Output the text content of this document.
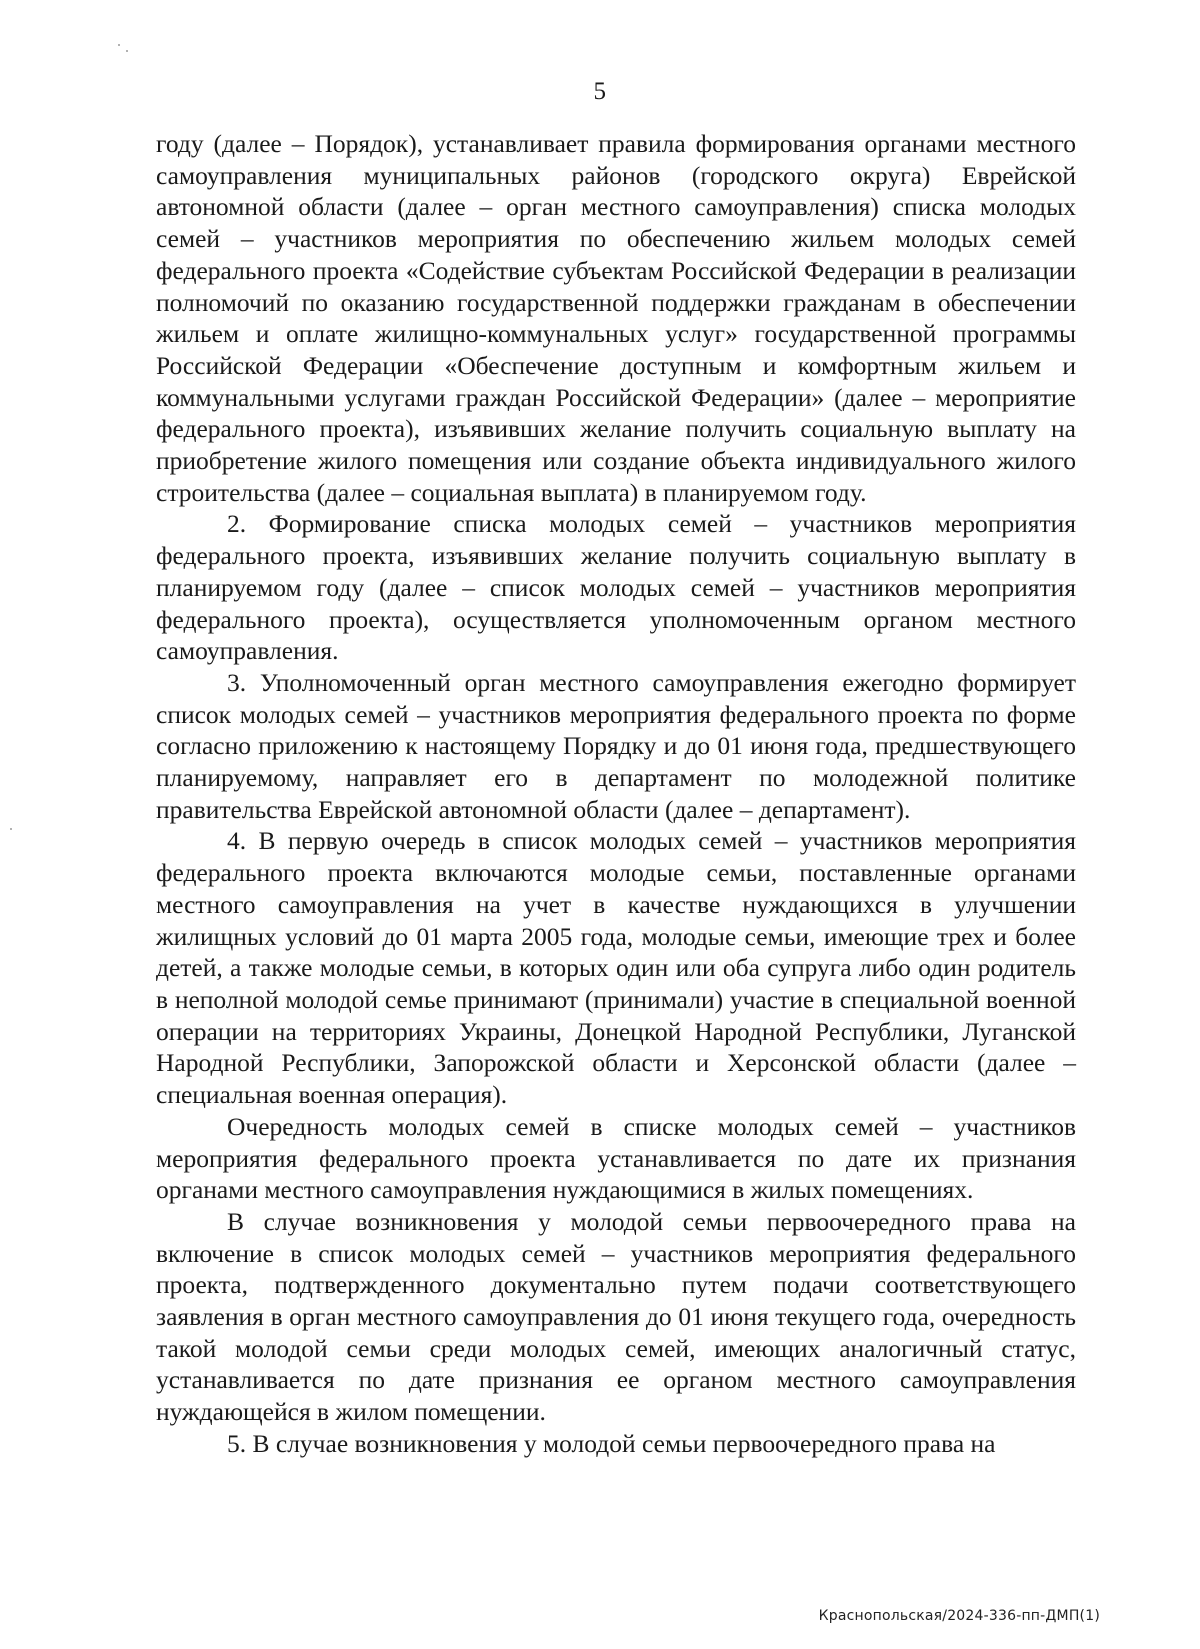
5

году (далее – Порядок), устанавливает правила формирования органами местного самоуправления муниципальных районов (городского округа) Еврейской автономной области (далее – орган местного самоуправления) списка молодых семей – участников мероприятия по обеспечению жильем молодых семей федерального проекта «Содействие субъектам Российской Федерации в реализации полномочий по оказанию государственной поддержки гражданам в обеспечении жильем и оплате жилищно-коммунальных услуг» государственной программы Российской Федерации «Обеспечение доступным и комфортным жильем и коммунальными услугами граждан Российской Федерации» (далее – мероприятие федерального проекта), изъявивших желание получить социальную выплату на приобретение жилого помещения или создание объекта индивидуального жилого строительства (далее – социальная выплата) в планируемом году.

2. Формирование списка молодых семей – участников мероприятия федерального проекта, изъявивших желание получить социальную выплату в планируемом году (далее – список молодых семей – участников мероприятия федерального проекта), осуществляется уполномоченным органом местного самоуправления.

3. Уполномоченный орган местного самоуправления ежегодно формирует список молодых семей – участников мероприятия федерального проекта по форме согласно приложению к настоящему Порядку и до 01 июня года, предшествующего планируемому, направляет его в департамент по молодежной политике правительства Еврейской автономной области (далее – департамент).

4. В первую очередь в список молодых семей – участников мероприятия федерального проекта включаются молодые семьи, поставленные органами местного самоуправления на учет в качестве нуждающихся в улучшении жилищных условий до 01 марта 2005 года, молодые семьи, имеющие трех и более детей, а также молодые семьи, в которых один или оба супруга либо один родитель в неполной молодой семье принимают (принимали) участие в специальной военной операции на территориях Украины, Донецкой Народной Республики, Луганской Народной Республики, Запорожской области и Херсонской области (далее – специальная военная операция).

Очередность молодых семей в списке молодых семей – участников мероприятия федерального проекта устанавливается по дате их признания органами местного самоуправления нуждающимися в жилых помещениях.

В случае возникновения у молодой семьи первоочередного права на включение в список молодых семей – участников мероприятия федерального проекта, подтвержденного документально путем подачи соответствующего заявления в орган местного самоуправления до 01 июня текущего года, очередность такой молодой семьи среди молодых семей, имеющих аналогичный статус, устанавливается по дате признания ее органом местного самоуправления нуждающейся в жилом помещении.

5. В случае возникновения у молодой семьи первоочередного права на

Краснопольская/2024-336-пп-ДМП(1)
